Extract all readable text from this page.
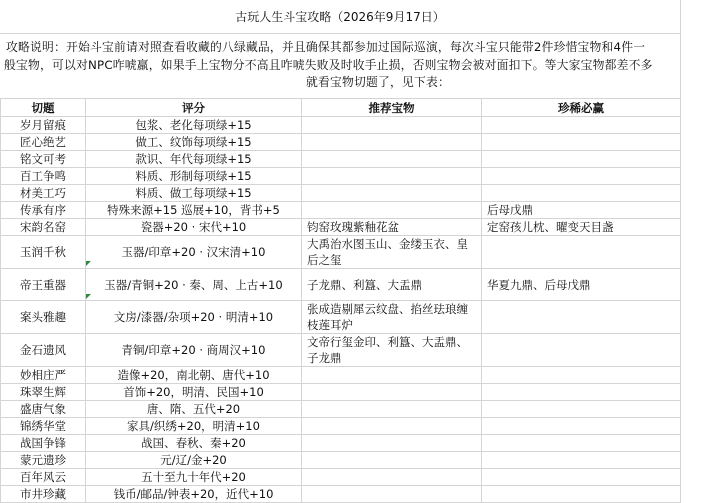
古玩人生斗宝攻略（2026年9月17日）
攻略说明：开始斗宝前请对照查看收藏的八绿藏品，并且确保其都参加过国际巡演，每次斗宝只能带2件珍惜宝物和4件一
般宝物，可以对NPC咋唬羸，如果手上宝物分不高且咋唬失败及时收手止损，否则宝物会被对面扣下。等大家宝物都差不多
就看宝物切题了，见下表：
切题	评分	推荐宝物	珍稀必赢
岁月留痕	包浆、老化每项绿+15		
匠心绝艺	做工、纹饰每项绿+15		
铭文可考	款识、年代每项绿+15		
百工争鸣	料质、形制每项绿+15		
材美工巧	料质、做工每项绿+15		
传承有序	特殊来源+15 巡展+10，背书+5		后母戊鼎
宋韵名窑	瓷器+20 · 宋代+10	钧窑玫瑰紫釉花盆	定窑孩儿枕、曜变天目盏
玉润千秋	玉器/印章+20 · 汉宋清+10	大禹治水图玉山、金缕玉衣、皇后之玺	
帝王重器	玉器/青铜+20 · 秦、周、上古+10	子龙鼎、利簋、大盂鼎	华夏九鼎、后母戊鼎
案头雅趣	文房/漆器/杂项+20 · 明清+10	张成造剔犀云纹盘、掐丝珐琅缠枝莲耳炉	
金石遗风	青铜/印章+20 · 商周汉+10	文帝行玺金印、利簋、大盂鼎、子龙鼎	
妙相庄严	造像+20，南北朝、唐代+10		
珠翠生辉	首饰+20，明清、民国+10		
盛唐气象	唐、隋、五代+20		
锦绣华堂	家具/织绣+20，明清+10		
战国争锋	战国、春秋、秦+20		
蒙元遗珍	元/辽/金+20		
百年风云	五十至九十年代+20		
市井珍藏	钱币/邮品/钟表+20，近代+10		
